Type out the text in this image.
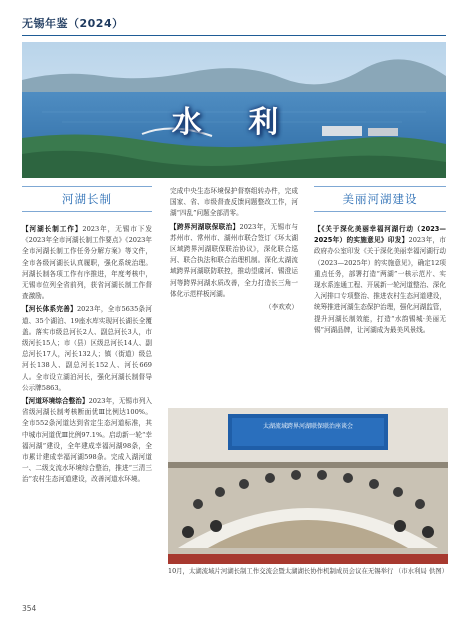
无锡年鉴（2024）
水 利
河湖长制

【河湖长制工作】2023年，无锡市下发《2023年全市河湖长制工作要点》《2023年全市河湖长制工作任务分解方案》等文件，全市各级河湖长认真履职，强化系统治理。河湖长制各项工作有序推进，年度考核中，无锡市位列全省前列，获省河湖长制工作督查激励。

【河长体系完善】2023年，全市5635条河道、35个湖泊、19座水库实现河长湖长全覆盖。落实市级总河长2人、副总河长3人，市级河长15人；市（县）区级总河长14人、副总河长17人，河长132人；镇（街道）级总河长138人、副总河长152人、河长669人。全市设立湖泊河长，强化河湖长制督导公示牌5863。

【河道环境综合整治】2023年，无锡市列入省级河湖长制考核断面优Ⅲ比例达100%。全市552条河道达到省定生态河道标准，其中城市河道优Ⅲ比例97.1%。启动新一轮“幸福河湖”建设，全年建成幸福河湖98条，全市累计建成幸福河湖598条。完成入湖河道一、二级支流水环境综合整治，推进“三清三治”农村生态河道建设，改善河道水环境。

完成中央生态环境保护督察组转办件，完成国家、省、市级督查反馈问题整改工作，河湖“四乱”问题全部清零。

【跨界河湖联保联治】2023年，无锡市与苏州市、常州市、湖州市联合签订《环太湖区域跨界河湖联保联治协议》，深化联合巡河、联合执法和联合治理机制。深化太湖流域跨界河湖联防联控，推动望虞河、锡澄运河等跨界河湖水质改善，全力打造长三角一体化示范样板河湖。

（李欢欢）
美丽河湖建设

【《关于深化美丽幸福河湖行动（2023—2025年）的实施意见》印发】2023年，市政府办公室印发《关于深化美丽幸福河湖行动（2023—2025年）的实施意见》，确定12项重点任务，部署打造“两湖”一核示范片、实现水系连通工程、开展新一轮河道整治、深化入河排口专项整治、推进农村生态河道建设，统筹推进河湖生态保护治理，强化河湖监管，提升河湖长制效能，打造“水韵锡城·美丽无锡”河湖品牌，让河湖成为最美风景线。

太湖流域跨界河湖联保联治座谈会
10月，太湖流域片河湖长制工作交流会暨太湖湖长协作机制成员会议在无锡举行 （市水利局 供图）
354
